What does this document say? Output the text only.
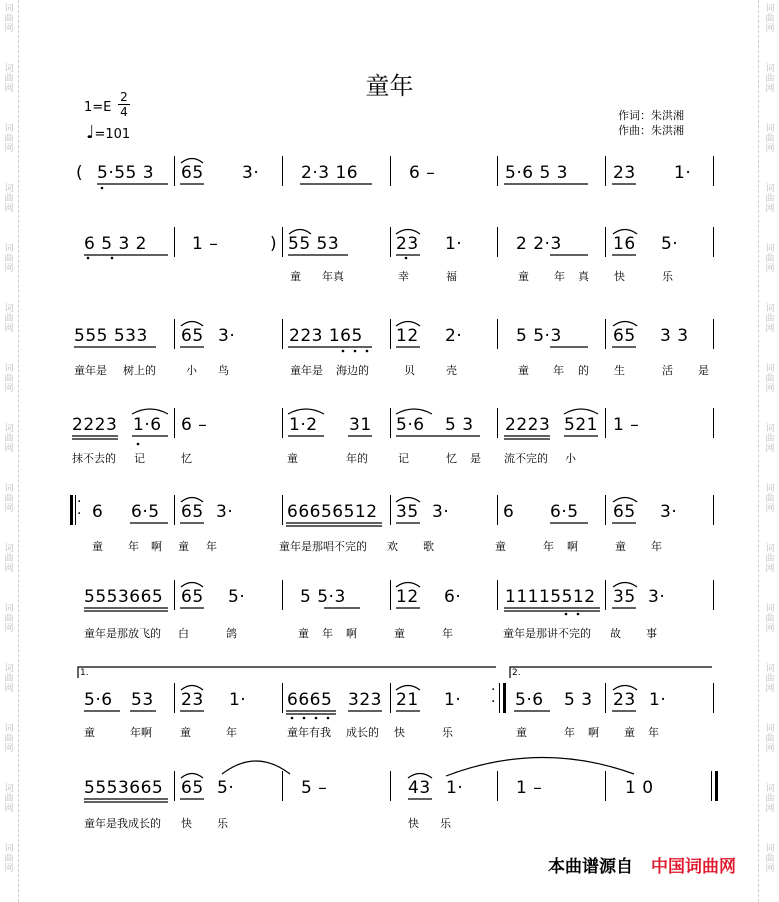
词
曲
网
词
曲
网
词
曲
网
词
曲
网
词
曲
网
词
曲
网
词
曲
网
词
曲
网
词
曲
网
词
曲
网
词
曲
网
词
曲
网
词
曲
网
词
曲
网
词
曲
网
词
曲
网
词
曲
网
词
曲
网
词
曲
网
词
曲
网
词
曲
网
词
曲
网
词
曲
网
词
曲
网
词
曲
网
词
曲
网
词
曲
网
词
曲
网
词
曲
网
词
曲
网
童年
1=E
2
4
♩=101
作词：朱洪湘
作曲：朱洪湘
( 5·55 3 65 3· 2·3 16	6 –	5·6 5 3	23 1·
6 5 3 2	1 –	) 55 53	23 1·	2 2·3	16 5·
童 年真	幸	福	童 年 真 快	乐
555 533 65 3·	223 165 12 2·	5 5·3	65 3 3
童年是 树上的	小 鸟	童年是 海边的	贝	壳	童 年 的 生	活 是
2223 1·6 6 –	1·2 31 5·6 5 3 2223 521 1 –
抹不去的 记	忆	童	年的	记	忆 是 流不完的 小
·
· 6 6·5 65 3·	66656512 35 3·	6 6·5 65 3·
童 年 啊 童 年	童年是那唱不完的 欢 歌	童	年 啊	童 年
5553665 65 5·	5 5·3	12 6·	11115512 35 3·
童年是那放飞的 白	鸽	童 年 啊	童	年	童年是那讲不完的 故 事
1.	2.
5·6 53 23 1· 6665 323 21 1· ·
· 5·6 5 3 23 1·
童	年啊	童	年	童年有我 成长的 快	乐	童	年 啊 童 年
5553665 65 5·	5 –	43 1·	1 –	1 0
童年是我成长的 快 乐	快 乐
本曲谱源自 中国词曲网
